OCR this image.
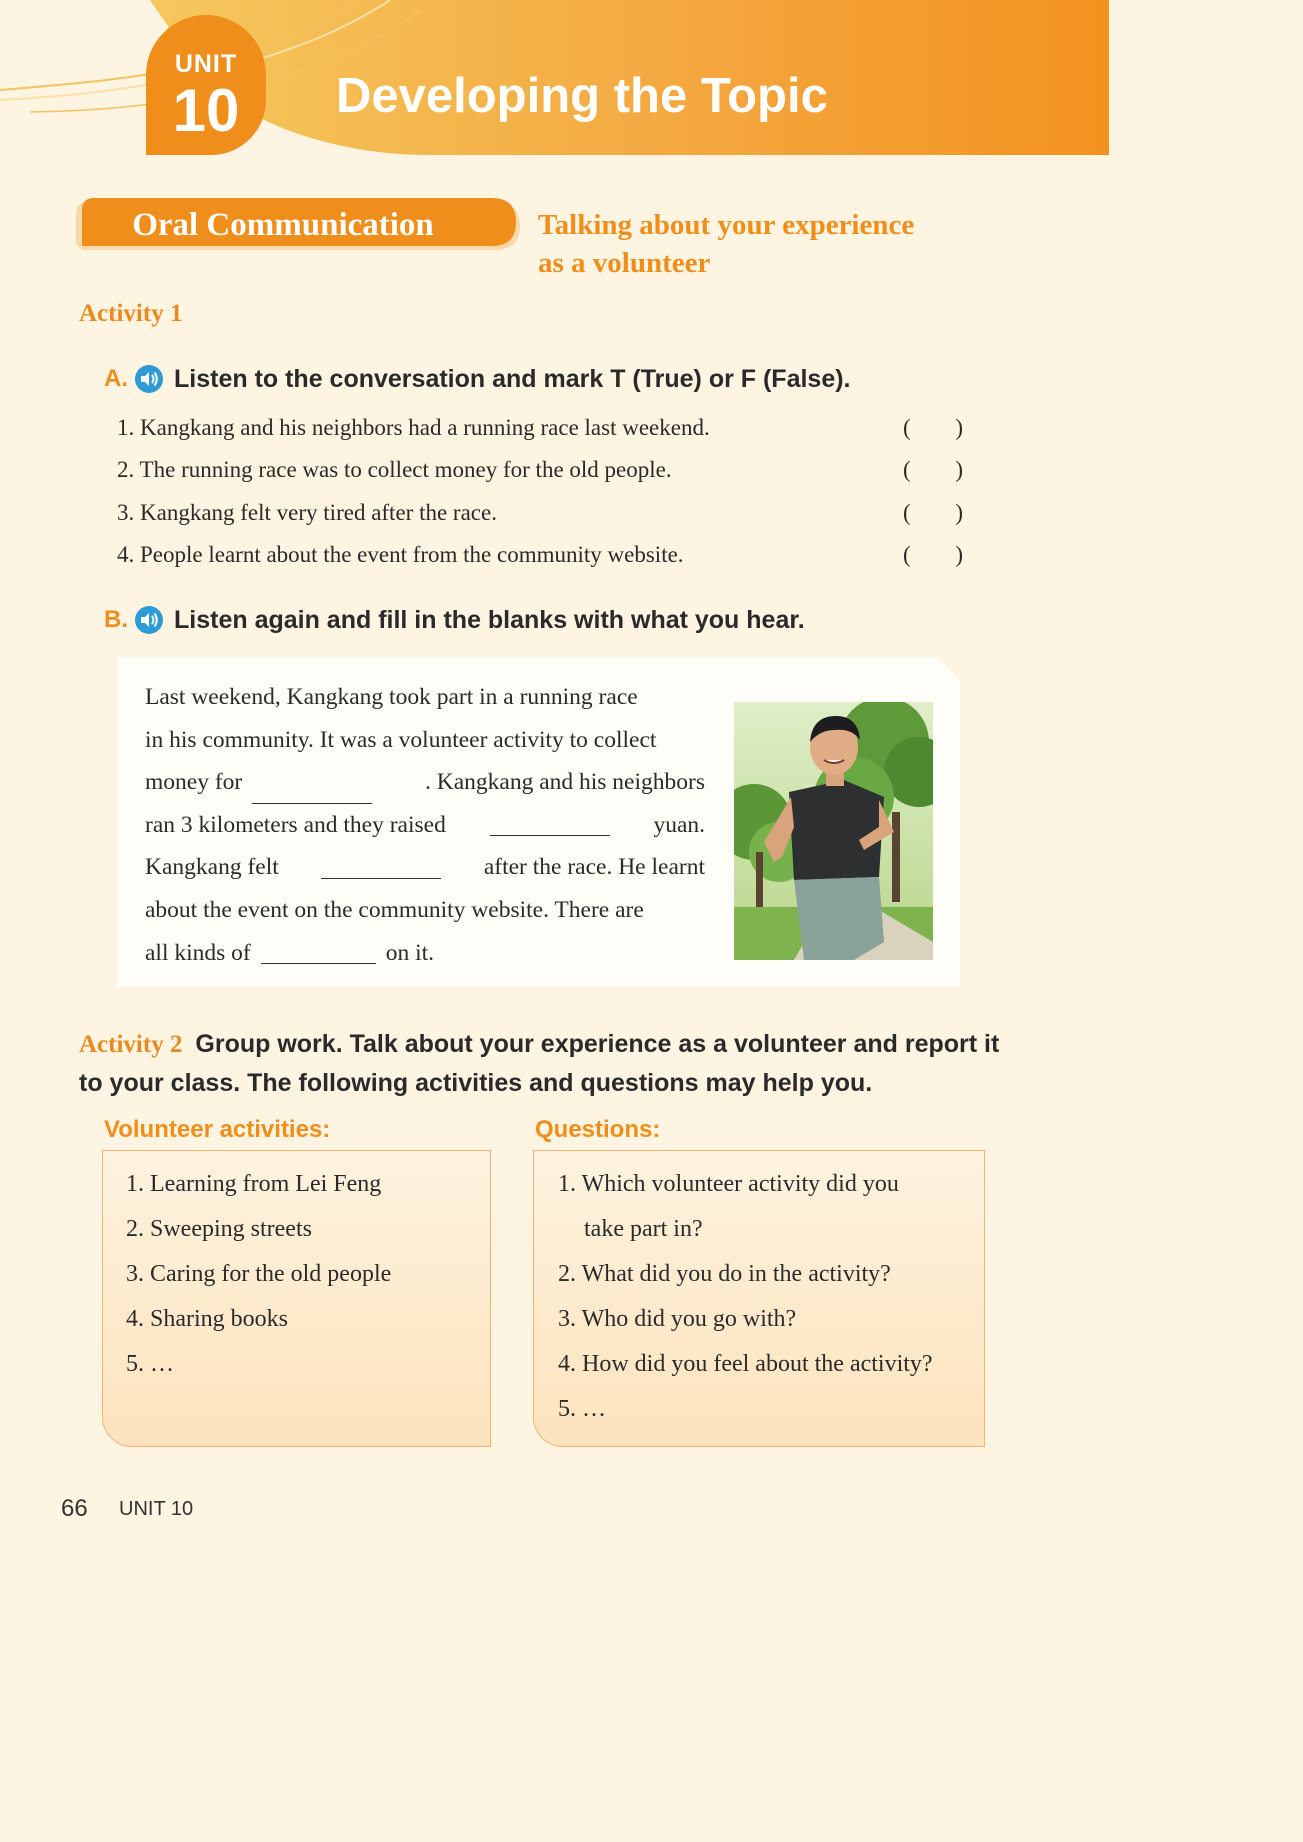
UNIT
10	Developing the Topic
Oral Communication	Talking about your experience
as a volunteer
Activity 1
A. Listen to the conversation and mark T (True) or F (False).
1. Kangkang and his neighbors had a running race last weekend.	( )
2. The running race was to collect money for the old people.	( )
3. Kangkang felt very tired after the race.	( )
4. People learnt about the event from the community website.	( )
B. Listen again and fill in the blanks with what you hear.
Last weekend, Kangkang took part in a running race
in his community. It was a volunteer activity to collect
money for	. Kangkang and his neighbors
ran 3 kilometers and they raised	yuan.
Kangkang felt	after the race. He learnt
about the event on the community website. There are
all kinds of	on it.
Activity 2 Group work. Talk about your experience as a volunteer and report it to your class. The following activities and questions may help you.
Volunteer activities:	Questions:
1. Learning from Lei Feng
2. Sweeping streets
3. Caring for the old people
4. Sharing books
5. …
1. Which volunteer activity did you
take part in?
2. What did you do in the activity?
3. Who did you go with?
4. How did you feel about the activity?
5. …
66 UNIT 10
